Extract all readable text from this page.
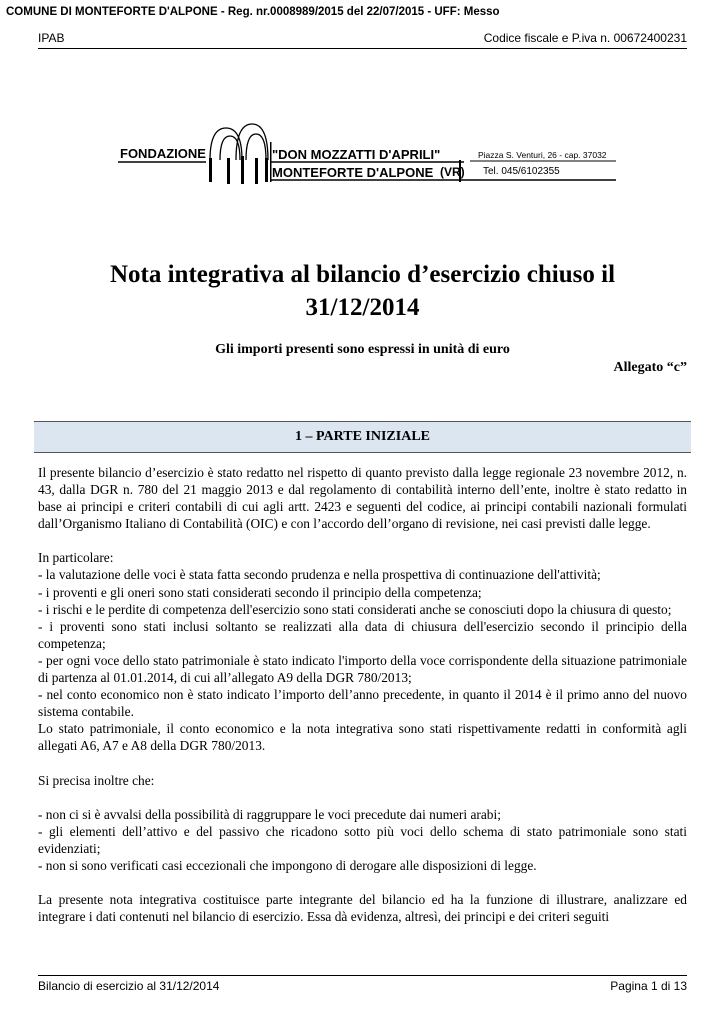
COMUNE DI MONTEFORTE D'ALPONE - Reg. nr.0008989/2015 del 22/07/2015 - UFF: Messo
IPAB	Codice fiscale e P.iva n. 00672400231
FONDAZIONE	"DON MOZZATTI D'APRILI"
MONTEFORTE D'ALPONE (VR)
Piazza S. Venturi, 26 - cap. 37032
Tel. 045/6102355
Nota integrativa al bilancio d’esercizio chiuso il
31/12/2014
Gli importi presenti sono espressi in unità di euro
Allegato “c”
1 – PARTE INIZIALE

Il presente bilancio d’esercizio è stato redatto nel rispetto di quanto previsto dalla legge regionale 23 novembre 2012, n. 43, dalla DGR n. 780 del 21 maggio 2013 e dal regolamento di contabilità interno dell’ente, inoltre è stato redatto in base ai principi e criteri contabili di cui agli artt. 2423 e seguenti del codice, ai principi contabili nazionali formulati dall’Organismo Italiano di Contabilità (OIC) e con l’accordo dell’organo di revisione, nei casi previsti dalle legge.

In particolare:

- la valutazione delle voci è stata fatta secondo prudenza e nella prospettiva di continuazione dell'attività;

- i proventi e gli oneri sono stati considerati secondo il principio della competenza;

- i rischi e le perdite di competenza dell'esercizio sono stati considerati anche se conosciuti dopo la chiusura di questo;

- i proventi sono stati inclusi soltanto se realizzati alla data di chiusura dell'esercizio secondo il principio della competenza;

- per ogni voce dello stato patrimoniale è stato indicato l'importo della voce corrispondente della situazione patrimoniale di partenza al 01.01.2014, di cui all’allegato A9 della DGR 780/2013;

- nel conto economico non è stato indicato l’importo dell’anno precedente, in quanto il 2014 è il primo anno del nuovo sistema contabile.

Lo stato patrimoniale, il conto economico e la nota integrativa sono stati rispettivamente redatti in conformità agli allegati A6, A7 e A8 della DGR 780/2013.

Si precisa inoltre che:

- non ci si è avvalsi della possibilità di raggruppare le voci precedute dai numeri arabi;

- gli elementi dell’attivo e del passivo che ricadono sotto più voci dello schema di stato patrimoniale sono stati evidenziati;

- non si sono verificati casi eccezionali che impongono di derogare alle disposizioni di legge.

La presente nota integrativa costituisce parte integrante del bilancio ed ha la funzione di illustrare, analizzare ed integrare i dati contenuti nel bilancio di esercizio. Essa dà evidenza, altresì, dei principi e dei criteri seguiti

Bilancio di esercizio al 31/12/2014	Pagina 1 di 13
